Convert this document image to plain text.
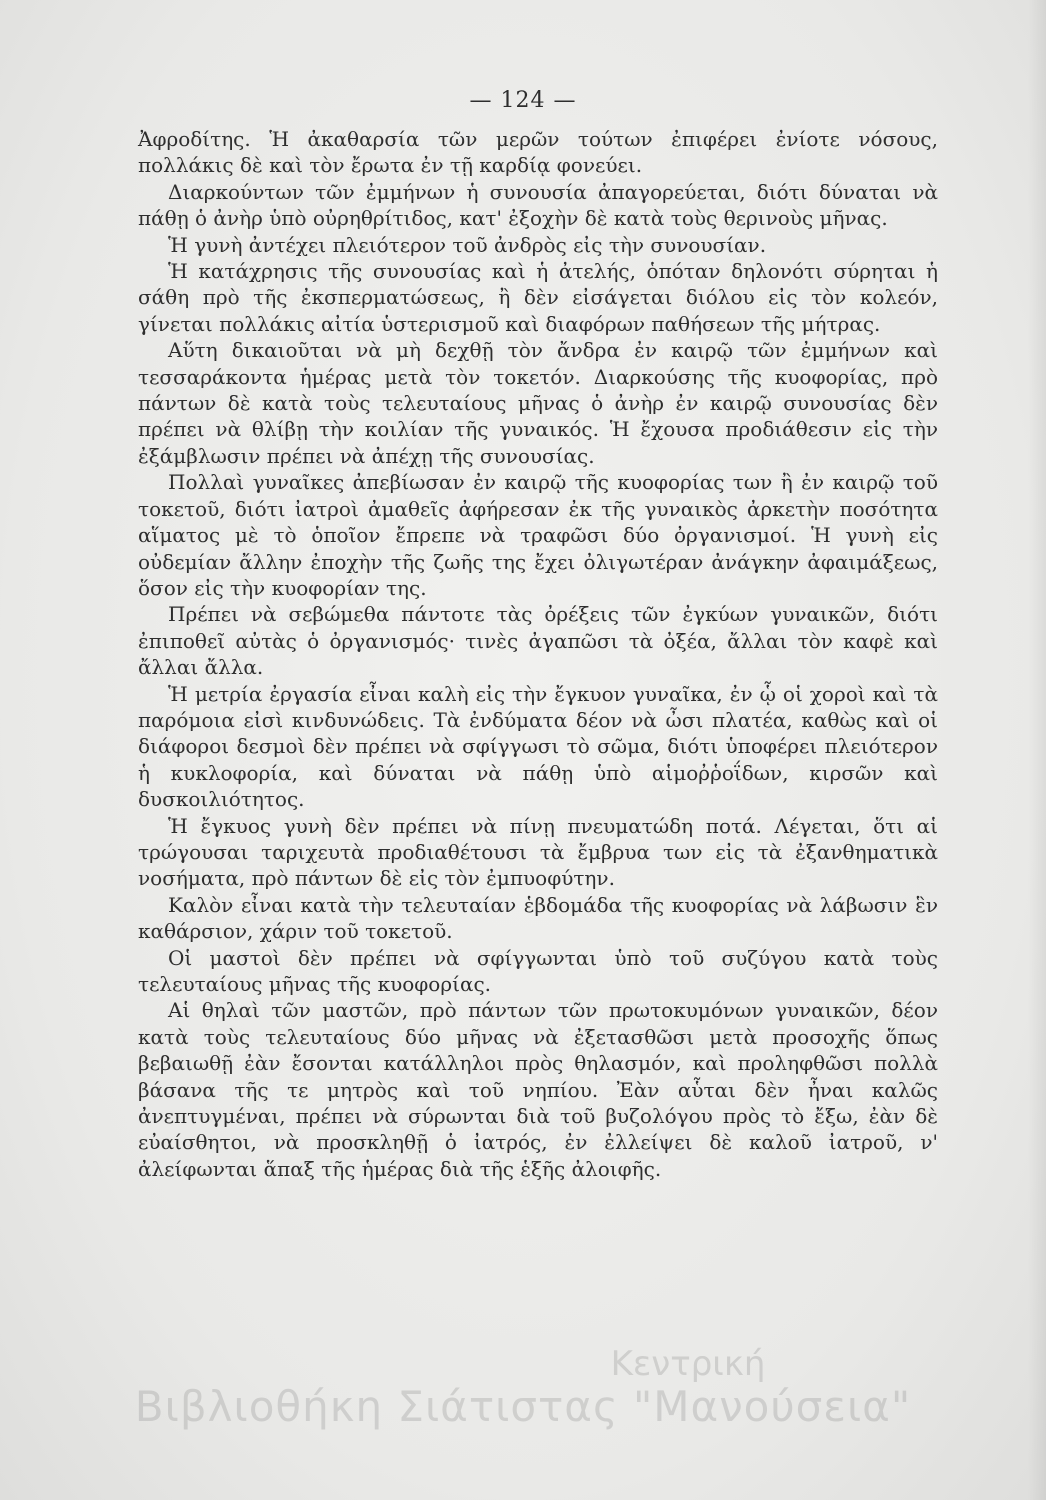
— 124 —

Ἀφροδίτης. Ἡ ἀκαθαρσία τῶν μερῶν τούτων ἐπιφέρει ἐνίοτε νόσους, πολλάκις δὲ καὶ τὸν ἔρωτα ἐν τῇ καρδίᾳ φονεύει.

Διαρκούντων τῶν ἐμμήνων ἡ συνουσία ἀπαγορεύεται, διότι δύναται νὰ πάθῃ ὁ ἀνὴρ ὑπὸ οὐρηθρίτιδος, κατ' ἐξοχὴν δὲ κατὰ τοὺς θερινοὺς μῆνας.

Ἡ γυνὴ ἀντέχει πλειότερον τοῦ ἀνδρὸς εἰς τὴν συνουσίαν.

Ἡ κατάχρησις τῆς συνουσίας καὶ ἡ ἀτελής, ὁπόταν δηλονότι σύρηται ἡ σάθη πρὸ τῆς ἐκσπερματώσεως, ἢ δὲν εἰσάγεται διόλου εἰς τὸν κολεόν, γίνεται πολλάκις αἰτία ὑστερισμοῦ καὶ διαφόρων παθήσεων τῆς μήτρας.

Αὕτη δικαιοῦται νὰ μὴ δεχθῇ τὸν ἄνδρα ἐν καιρῷ τῶν ἐμμήνων καὶ τεσσαράκοντα ἡμέρας μετὰ τὸν τοκετόν. Διαρκούσης τῆς κυοφορίας, πρὸ πάντων δὲ κατὰ τοὺς τελευταίους μῆνας ὁ ἀνὴρ ἐν καιρῷ συνουσίας δὲν πρέπει νὰ θλίβῃ τὴν κοιλίαν τῆς γυναικός. Ἡ ἔχουσα προδιάθεσιν εἰς τὴν ἐξάμβλωσιν πρέπει νὰ ἀπέχῃ τῆς συνουσίας.

Πολλαὶ γυναῖκες ἀπεβίωσαν ἐν καιρῷ τῆς κυοφορίας των ἢ ἐν καιρῷ τοῦ τοκετοῦ, διότι ἰατροὶ ἀμαθεῖς ἀφήρεσαν ἐκ τῆς γυναικὸς ἀρκετὴν ποσότητα αἵματος μὲ τὸ ὁποῖον ἔπρεπε νὰ τραφῶσι δύο ὀργανισμοί. Ἡ γυνὴ εἰς οὐδεμίαν ἄλλην ἐποχὴν τῆς ζωῆς της ἔχει ὀλιγωτέραν ἀνάγκην ἀφαιμάξεως, ὅσον εἰς τὴν κυοφορίαν της.

Πρέπει νὰ σεβώμεθα πάντοτε τὰς ὀρέξεις τῶν ἐγκύων γυναικῶν, διότι ἐπιποθεῖ αὐτὰς ὁ ὀργανισμός· τινὲς ἀγαπῶσι τὰ ὀξέα, ἄλλαι τὸν καφὲ καὶ ἄλλαι ἄλλα.

Ἡ μετρία ἐργασία εἶναι καλὴ εἰς τὴν ἔγκυον γυναῖκα, ἐν ᾧ οἱ χοροὶ καὶ τὰ παρόμοια εἰσὶ κινδυνώδεις. Τὰ ἐνδύματα δέον νὰ ὦσι πλατέα, καθὼς καὶ οἱ διάφοροι δεσμοὶ δὲν πρέπει νὰ σφίγγωσι τὸ σῶμα, διότι ὑποφέρει πλειότερον ἡ κυκλοφορία, καὶ δύναται νὰ πάθῃ ὑπὸ αἱμοῤῥοΐδων, κιρσῶν καὶ δυσκοιλιότητος.

Ἡ ἔγκυος γυνὴ δὲν πρέπει νὰ πίνῃ πνευματώδη ποτά. Λέγεται, ὅτι αἱ τρώγουσαι ταριχευτὰ προδιαθέτουσι τὰ ἔμβρυα των εἰς τὰ ἐξανθηματικὰ νοσήματα, πρὸ πάντων δὲ εἰς τὸν ἐμπυοφύτην.

Καλὸν εἶναι κατὰ τὴν τελευταίαν ἑβδομάδα τῆς κυοφορίας νὰ λάβωσιν ἓν καθάρσιον, χάριν τοῦ τοκετοῦ.

Οἱ μαστοὶ δὲν πρέπει νὰ σφίγγωνται ὑπὸ τοῦ συζύγου κατὰ τοὺς τελευταίους μῆνας τῆς κυοφορίας.

Αἱ θηλαὶ τῶν μαστῶν, πρὸ πάντων τῶν πρωτοκυμόνων γυναικῶν, δέον κατὰ τοὺς τελευταίους δύο μῆνας νὰ ἐξετασθῶσι μετὰ προσοχῆς ὅπως βεβαιωθῇ ἐὰν ἔσονται κατάλληλοι πρὸς θηλασμόν, καὶ προληφθῶσι πολλὰ βάσανα τῆς τε μητρὸς καὶ τοῦ νηπίου. Ἐὰν αὗται δὲν ἦναι καλῶς ἀνεπτυγμέναι, πρέπει νὰ σύρωνται διὰ τοῦ βυζολόγου πρὸς τὸ ἔξω, ἐὰν δὲ εὐαίσθητοι, νὰ προσκληθῇ ὁ ἰατρός, ἐν ἐλλείψει δὲ καλοῦ ἰατροῦ, ν' ἀλείφωνται ἅπαξ τῆς ἡμέρας διὰ τῆς ἑξῆς ἀλοιφῆς.

Κεντρική
Βιβλιοθήκη Σιάτιστας "Μανούσεια"
